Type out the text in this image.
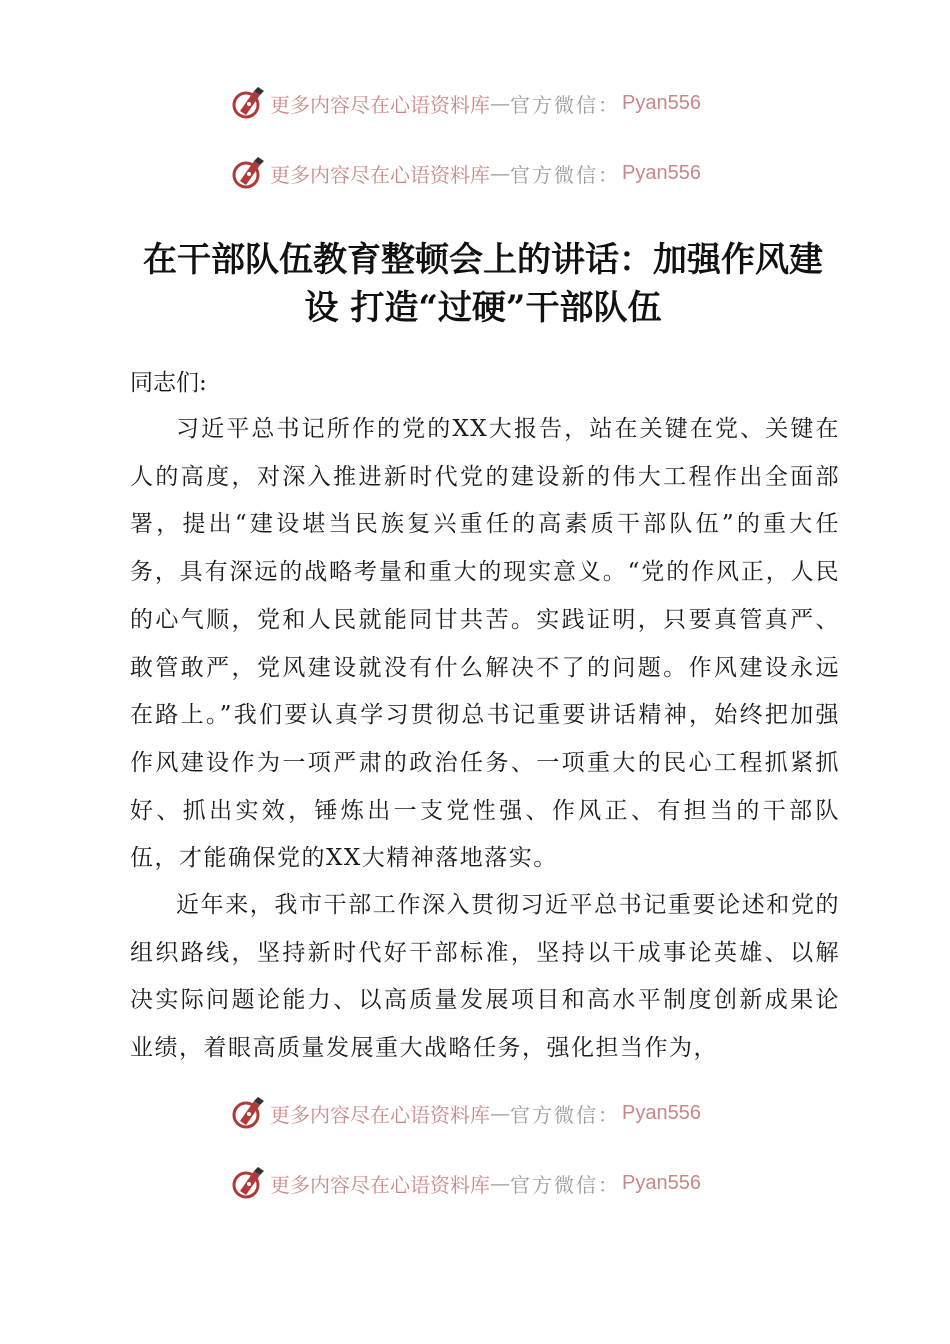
更多内容尽在心语资料库 — 官方微信： Pyan556
更多内容尽在心语资料库 — 官方微信： Pyan556
在干部队伍教育整顿会上的讲话：加强作风建
设 打造“过硬”干部队伍
同志们:

习近平总书记所作的党的XX大报告，站在关键在党、关键在人的高度，对深入推进新时代党的建设新的伟大工程作出全面部署，提出“建设堪当民族复兴重任的高素质干部队伍”的重大任务，具有深远的战略考量和重大的现实意义。“党的作风正，人民的心气顺，党和人民就能同甘共苦。实践证明，只要真管真严、敢管敢严，党风建设就没有什么解决不了的问题。作风建设永远在路上。”我们要认真学习贯彻总书记重要讲话精神，始终把加强作风建设作为一项严肃的政治任务、一项重大的民心工程抓紧抓好、抓出实效，锤炼出一支党性强、作风正、有担当的干部队伍，才能确保党的XX大精神落地落实。

近年来，我市干部工作深入贯彻习近平总书记重要论述和党的组织路线，坚持新时代好干部标准，坚持以干成事论英雄、以解决实际问题论能力、以高质量发展项目和高水平制度创新成果论业绩，着眼高质量发展重大战略任务，强化担当作为，

更多内容尽在心语资料库 — 官方微信： Pyan556
更多内容尽在心语资料库 — 官方微信： Pyan556
